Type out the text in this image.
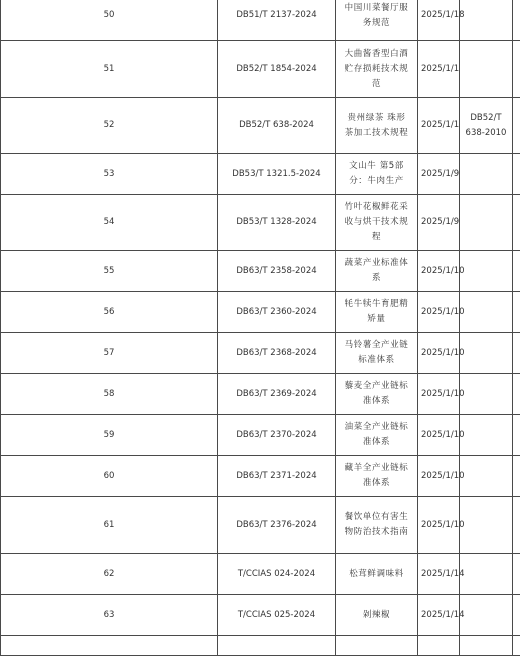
50	DB51/T 2137-2024	中国川菜餐厅服务规范	2025/1/18		
51	DB52/T 1854-2024	大曲酱香型白酒贮存损耗技术规范	2025/1/1		
52	DB52/T 638-2024	贵州绿茶 珠形茶加工技术规程	2025/1/1	DB52/T 638-2010	
53	DB53/T 1321.5-2024	文山牛 第5部分：牛肉生产	2025/1/9		
54	DB53/T 1328-2024	竹叶花椒鲜花采收与烘干技术规程	2025/1/9		
55	DB63/T 2358-2024	蔬菜产业标准体系	2025/1/10		
56	DB63/T 2360-2024	牦牛犊牛育肥精矫量	2025/1/10		
57	DB63/T 2368-2024	马铃薯全产业链标准体系	2025/1/10		
58	DB63/T 2369-2024	藜麦全产业链标准体系	2025/1/10		
59	DB63/T 2370-2024	油菜全产业链标准体系	2025/1/10		
60	DB63/T 2371-2024	藏羊全产业链标准体系	2025/1/10		
61	DB63/T 2376-2024	餐饮单位有害生物防治技术指南	2025/1/10		
62	T/CCIAS 024-2024	松茸鲜调味料	2025/1/14		
63	T/CCIAS 025-2024	剁辣椒	2025/1/14		
